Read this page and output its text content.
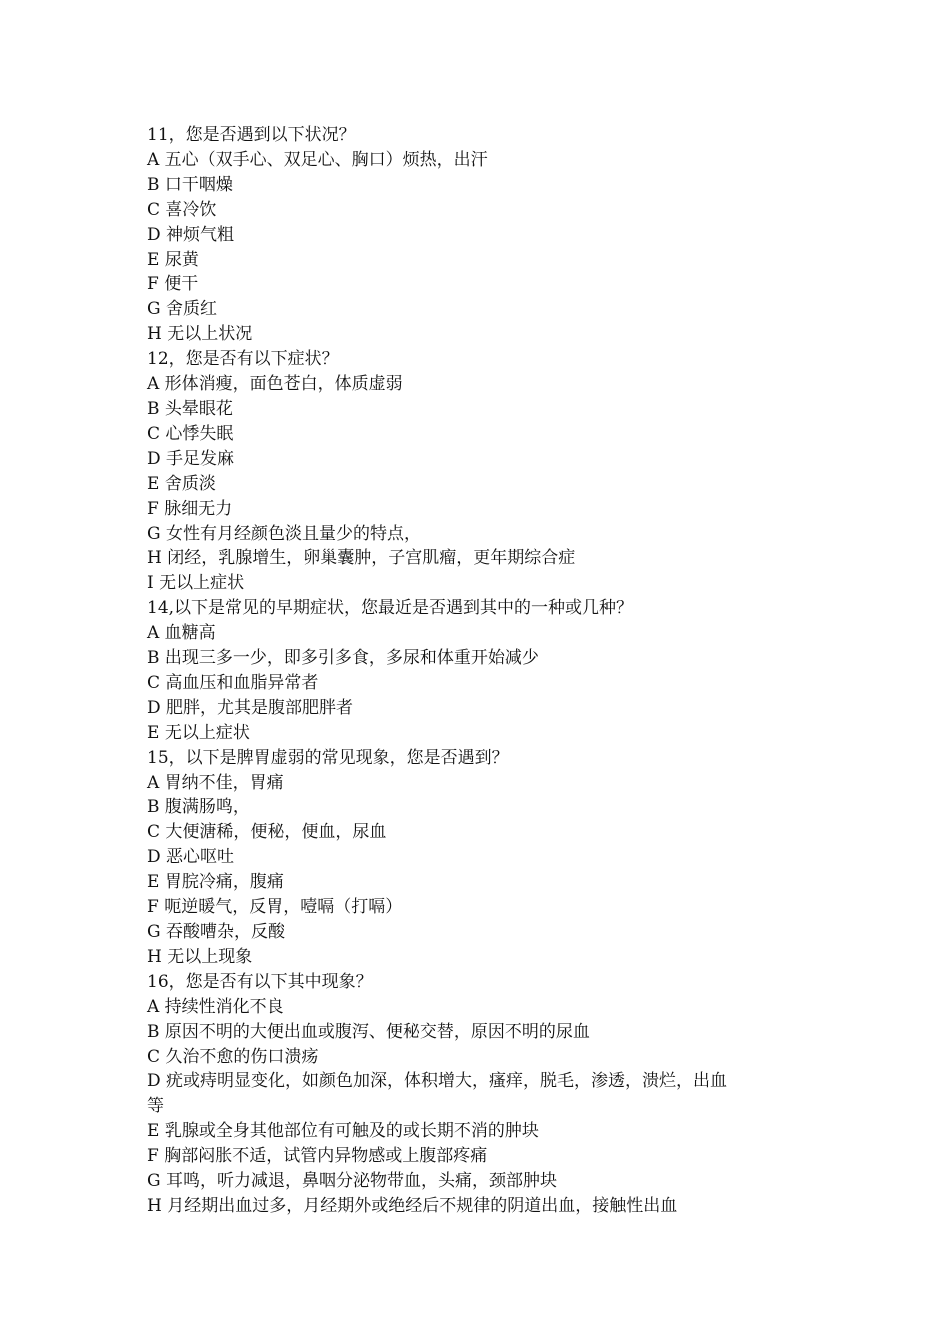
11，您是否遇到以下状况？

A 五心（双手心、双足心、胸口）烦热，出汗

B 口干咽燥

C 喜冷饮

D 神烦气粗

E 尿黄

F 便干

G 舍质红

H 无以上状况

12，您是否有以下症状？

A 形体消瘦，面色苍白，体质虚弱

B 头晕眼花

C 心悸失眠

D 手足发麻

E 舍质淡

F 脉细无力

G 女性有月经颜色淡且量少的特点，

H 闭经，乳腺增生，卵巢囊肿，子宫肌瘤，更年期综合症

I 无以上症状

14,以下是常见的早期症状，您最近是否遇到其中的一种或几种？

A 血糖高

B 出现三多一少，即多引多食，多尿和体重开始减少

C 高血压和血脂异常者

D 肥胖，尤其是腹部肥胖者

E 无以上症状

15，以下是脾胃虚弱的常见现象，您是否遇到？

A 胃纳不佳，胃痛

B 腹满肠鸣，

C 大便溏稀，便秘，便血，尿血

D 恶心呕吐

E 胃脘冷痛，腹痛

F 呃逆暖气，反胃，噎嗝（打嗝）

G 吞酸嘈杂，反酸

H 无以上现象

16，您是否有以下其中现象？

A 持续性消化不良

B 原因不明的大便出血或腹泻、便秘交替，原因不明的尿血

C 久治不愈的伤口溃疡

D 疣或痔明显变化，如颜色加深，体积增大，瘙痒，脱毛，渗透，溃烂，出血

等

E 乳腺或全身其他部位有可触及的或长期不消的肿块

F 胸部闷胀不适，试管内异物感或上腹部疼痛

G 耳鸣，听力减退，鼻咽分泌物带血，头痛，颈部肿块

H 月经期出血过多，月经期外或绝经后不规律的阴道出血，接触性出血
